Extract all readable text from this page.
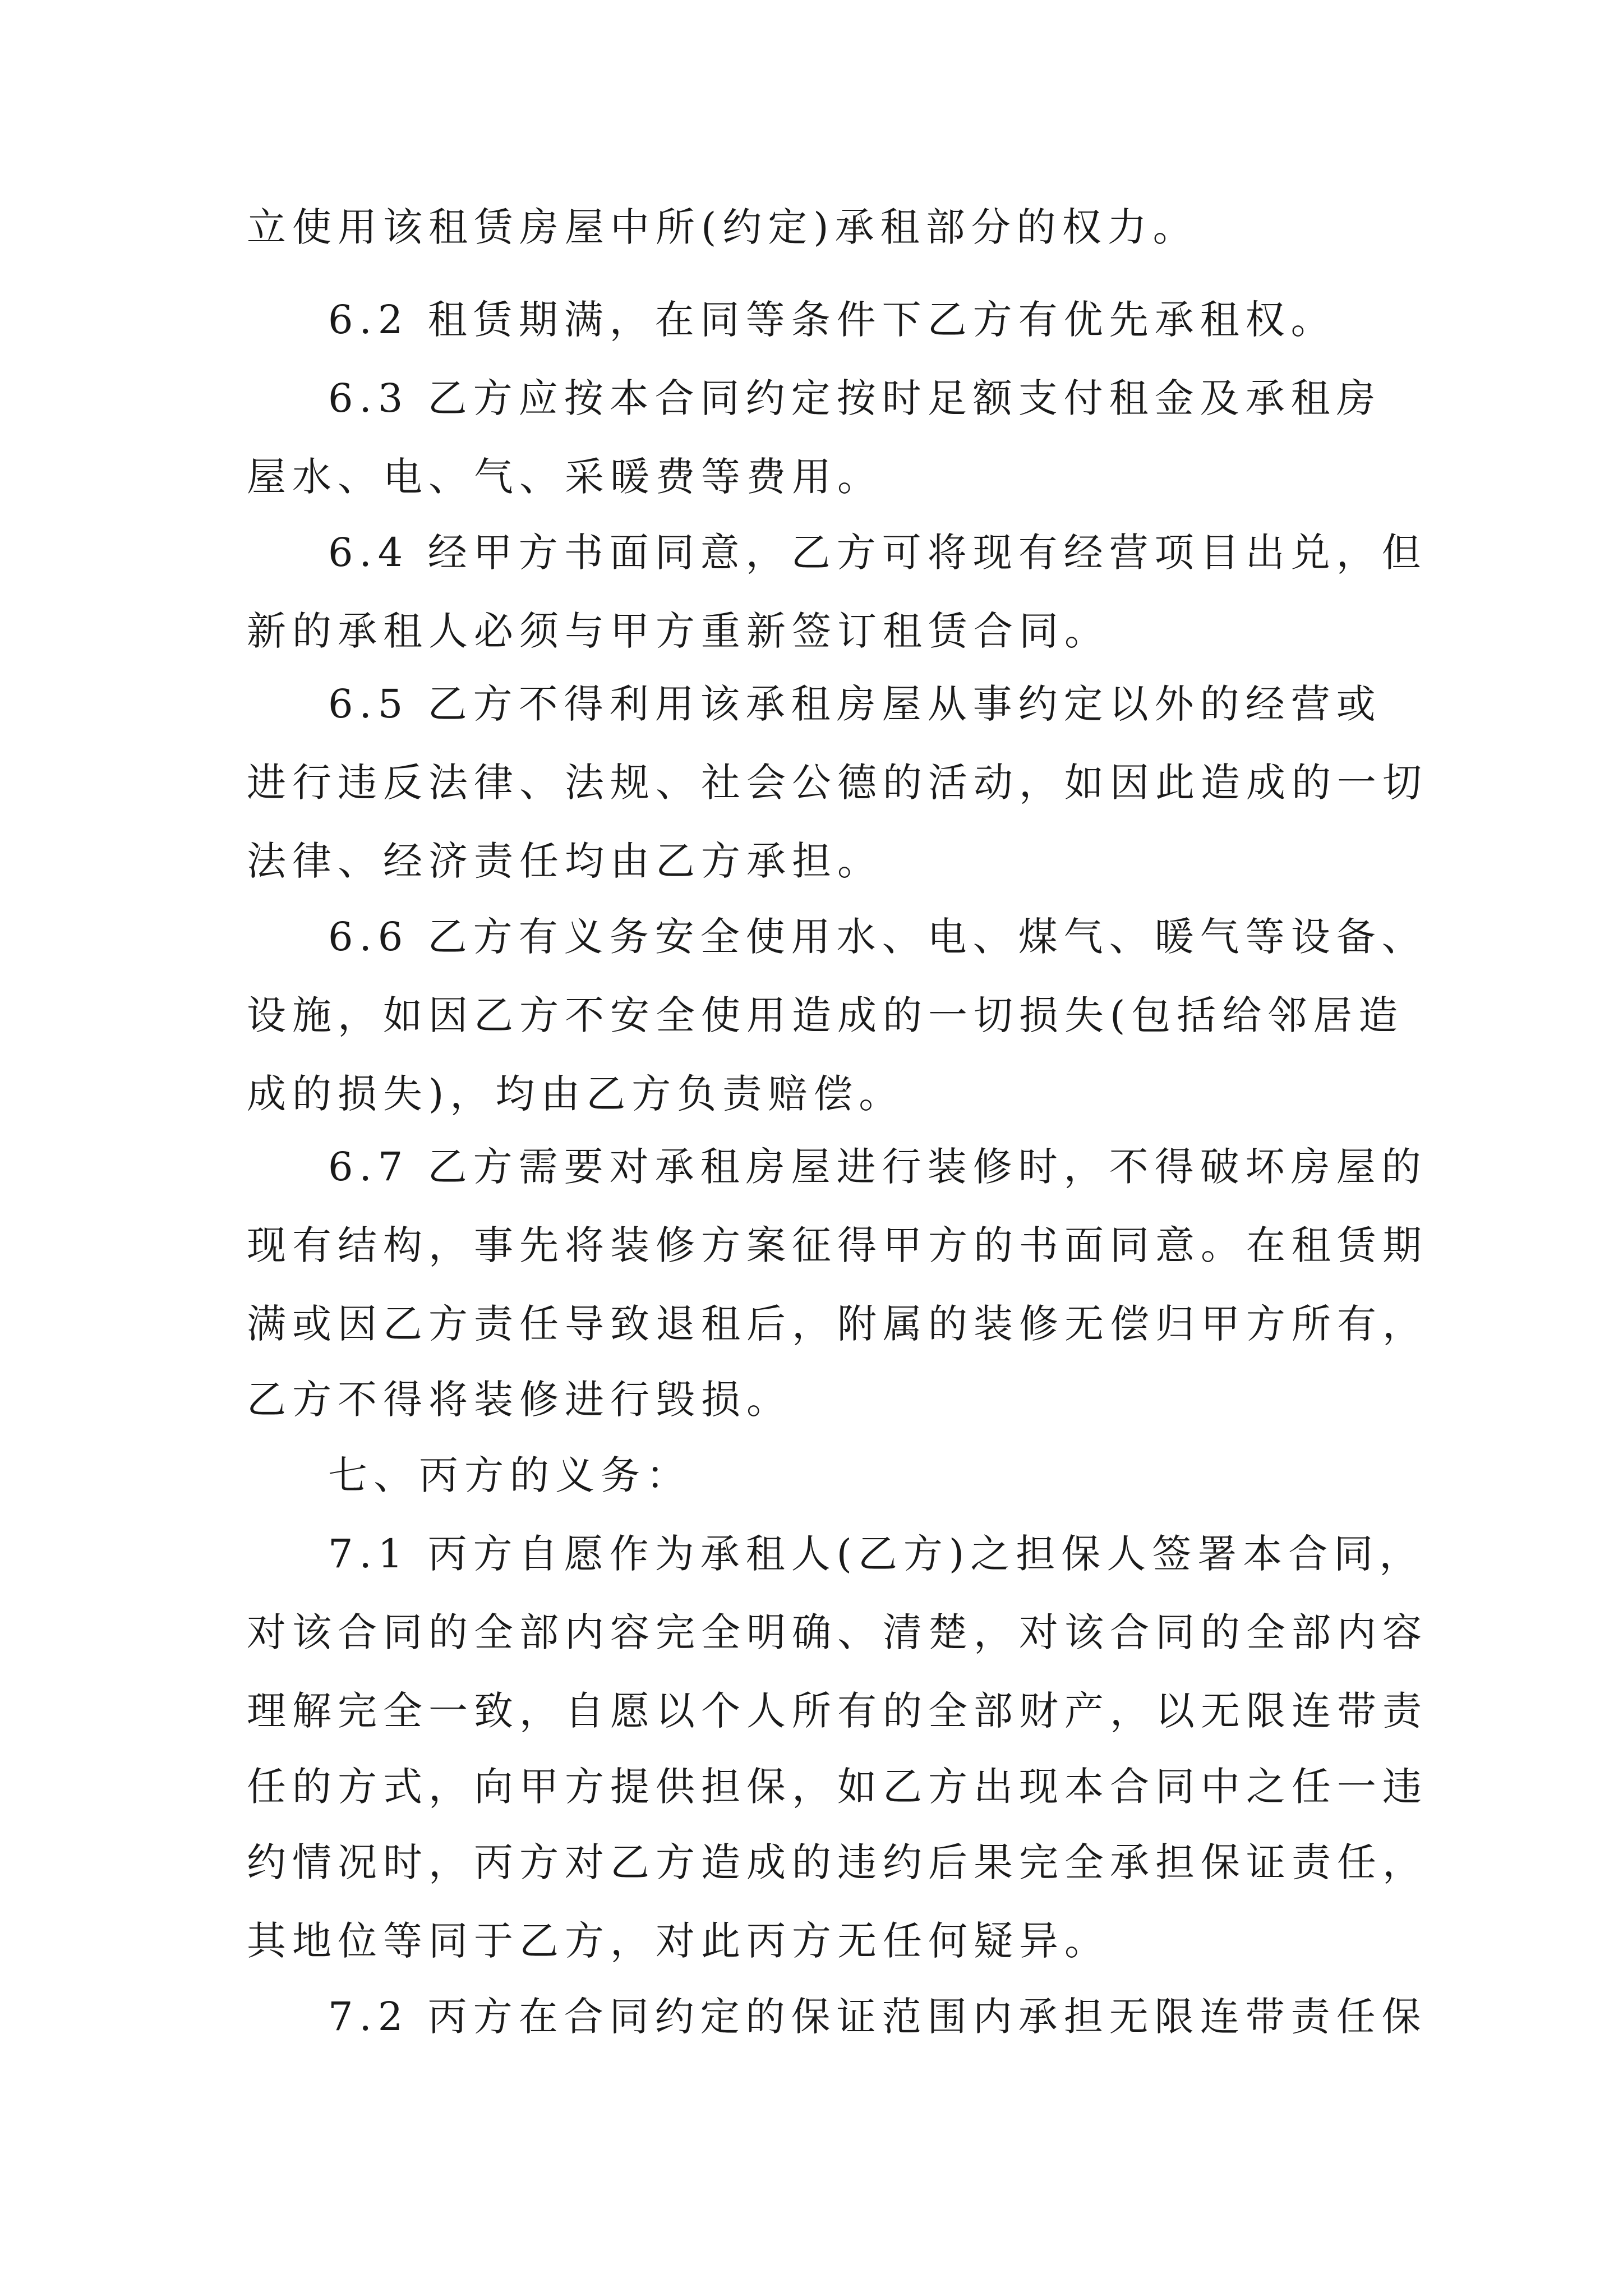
立使用该租赁房屋中所(约定)承租部分的权力。

6.2 租赁期满，在同等条件下乙方有优先承租权。

6.3 乙方应按本合同约定按时足额支付租金及承租房

屋水、电、气、采暖费等费用。

6.4 经甲方书面同意，乙方可将现有经营项目出兑，但

新的承租人必须与甲方重新签订租赁合同。

6.5 乙方不得利用该承租房屋从事约定以外的经营或

进行违反法律、法规、社会公德的活动，如因此造成的一切

法律、经济责任均由乙方承担。

6.6 乙方有义务安全使用水、电、煤气、暖气等设备、

设施，如因乙方不安全使用造成的一切损失(包括给邻居造

成的损失)，均由乙方负责赔偿。

6.7 乙方需要对承租房屋进行装修时，不得破坏房屋的

现有结构，事先将装修方案征得甲方的书面同意。在租赁期

满或因乙方责任导致退租后，附属的装修无偿归甲方所有，

乙方不得将装修进行毁损。

七、丙方的义务：

7.1 丙方自愿作为承租人(乙方)之担保人签署本合同，

对该合同的全部内容完全明确、清楚，对该合同的全部内容

理解完全一致，自愿以个人所有的全部财产，以无限连带责

任的方式，向甲方提供担保，如乙方出现本合同中之任一违

约情况时，丙方对乙方造成的违约后果完全承担保证责任，

其地位等同于乙方，对此丙方无任何疑异。

7.2 丙方在合同约定的保证范围内承担无限连带责任保
